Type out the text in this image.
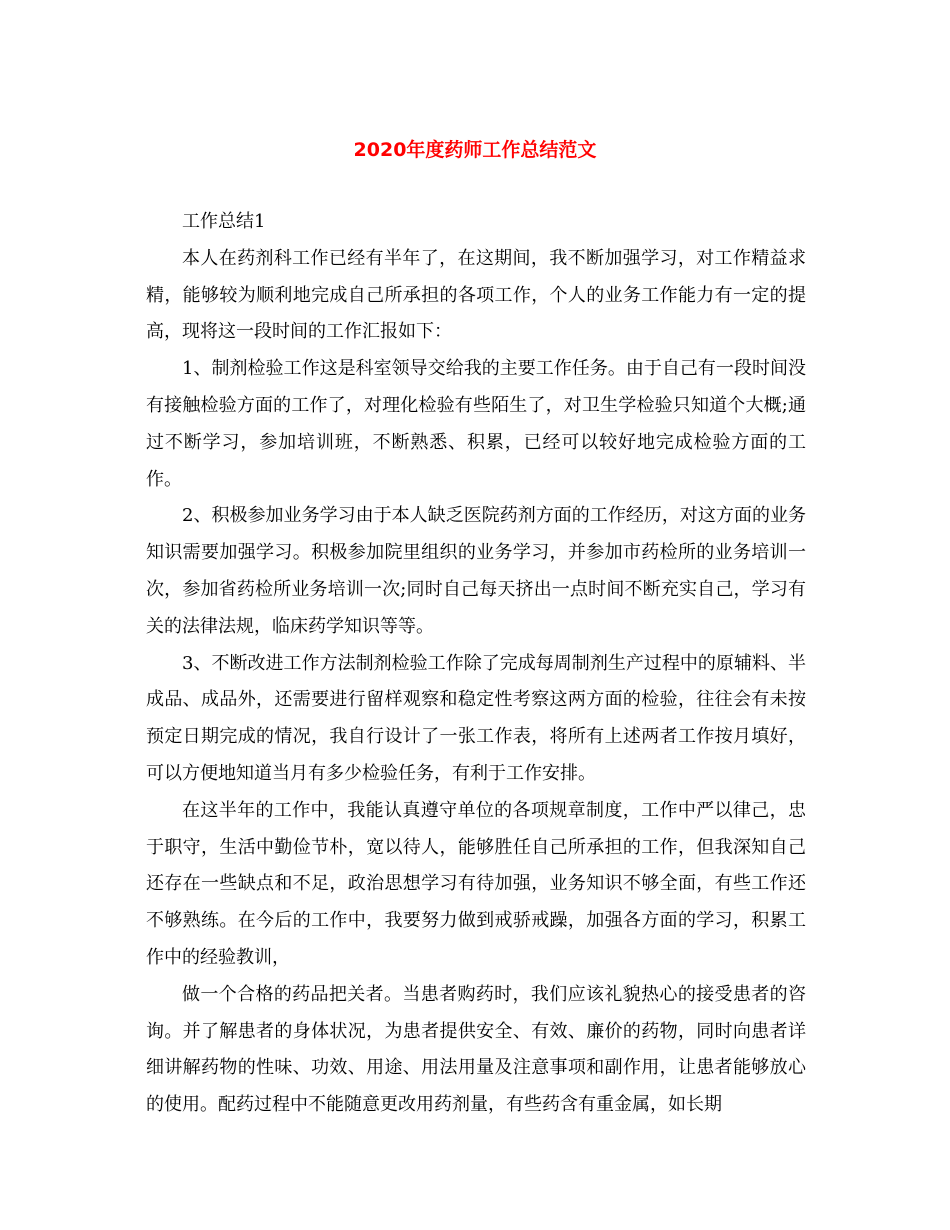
2020年度药师工作总结范文

工作总结1

本人在药剂科工作已经有半年了，在这期间，我不断加强学习，对工作精益求精，能够较为顺利地完成自己所承担的各项工作，个人的业务工作能力有一定的提高，现将这一段时间的工作汇报如下：

1、制剂检验工作这是科室领导交给我的主要工作任务。由于自己有一段时间没有接触检验方面的工作了，对理化检验有些陌生了，对卫生学检验只知道个大概;通过不断学习，参加培训班，不断熟悉、积累，已经可以较好地完成检验方面的工作。

2、积极参加业务学习由于本人缺乏医院药剂方面的工作经历，对这方面的业务知识需要加强学习。积极参加院里组织的业务学习，并参加市药检所的业务培训一次，参加省药检所业务培训一次;同时自己每天挤出一点时间不断充实自己，学习有关的法律法规，临床药学知识等等。

3、不断改进工作方法制剂检验工作除了完成每周制剂生产过程中的原辅料、半成品、成品外，还需要进行留样观察和稳定性考察这两方面的检验，往往会有未按预定日期完成的情况，我自行设计了一张工作表，将所有上述两者工作按月填好，可以方便地知道当月有多少检验任务，有利于工作安排。

在这半年的工作中，我能认真遵守单位的各项规章制度，工作中严以律己，忠于职守，生活中勤俭节朴，宽以待人，能够胜任自己所承担的工作，但我深知自己还存在一些缺点和不足，政治思想学习有待加强，业务知识不够全面，有些工作还不够熟练。在今后的工作中，我要努力做到戒骄戒躁，加强各方面的学习，积累工作中的经验教训，

做一个合格的药品把关者。当患者购药时，我们应该礼貌热心的接受患者的咨询。并了解患者的身体状况，为患者提供安全、有效、廉价的药物，同时向患者详细讲解药物的性味、功效、用途、用法用量及注意事项和副作用，让患者能够放心的使用。配药过程中不能随意更改用药剂量，有些药含有重金属，如长期
